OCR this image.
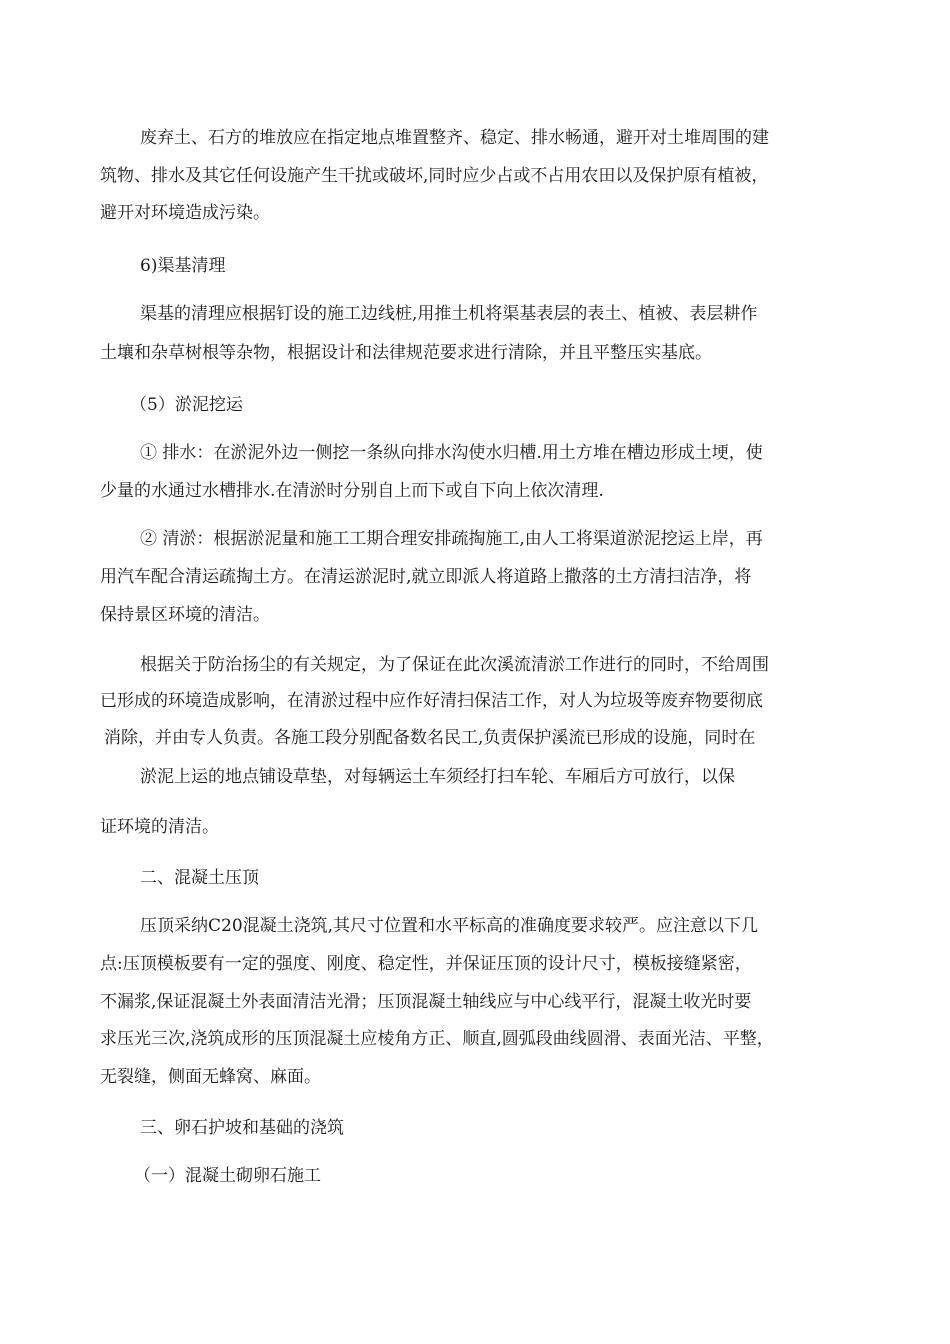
废弃土、石方的堆放应在指定地点堆置整齐、稳定、排水畅通，避开对土堆周围的建
筑物、排水及其它任何设施产生干扰或破坏,同时应少占或不占用农田以及保护原有植被，
避开对环境造成污染。
6)渠基清理
渠基的清理应根据钉设的施工边线桩,用推土机将渠基表层的表土、植被、表层耕作
土壤和杂草树根等杂物，根据设计和法律规范要求进行清除，并且平整压实基底。
（5）淤泥挖运
① 排水：在淤泥外边一侧挖一条纵向排水沟使水归槽.用土方堆在槽边形成土埂，使
少量的水通过水槽排水.在清淤时分别自上而下或自下向上依次清理.
② 清淤：根据淤泥量和施工工期合理安排疏掏施工,由人工将渠道淤泥挖运上岸，再
用汽车配合清运疏掏土方。在清运淤泥时,就立即派人将道路上撒落的土方清扫洁净，将
保持景区环境的清洁。
根据关于防治扬尘的有关规定，为了保证在此次溪流清淤工作进行的同时，不给周围
已形成的环境造成影响，在清淤过程中应作好清扫保洁工作，对人为垃圾等废弃物要彻底
消除，并由专人负责。各施工段分别配备数名民工,负责保护溪流已形成的设施，同时在
淤泥上运的地点铺设草垫，对每辆运土车须经打扫车轮、车厢后方可放行，以保
证环境的清洁。
二、混凝土压顶
压顶采纳C20混凝土浇筑,其尺寸位置和水平标高的准确度要求较严。应注意以下几
点:压顶模板要有一定的强度、刚度、稳定性，并保证压顶的设计尺寸，模板接缝紧密，
不漏浆,保证混凝土外表面清洁光滑；压顶混凝土轴线应与中心线平行，混凝土收光时要
求压光三次,浇筑成形的压顶混凝土应棱角方正、顺直,圆弧段曲线圆滑、表面光洁、平整，
无裂缝，侧面无蜂窝、麻面。
三、卵石护坡和基础的浇筑
（一）混凝土砌卵石施工
